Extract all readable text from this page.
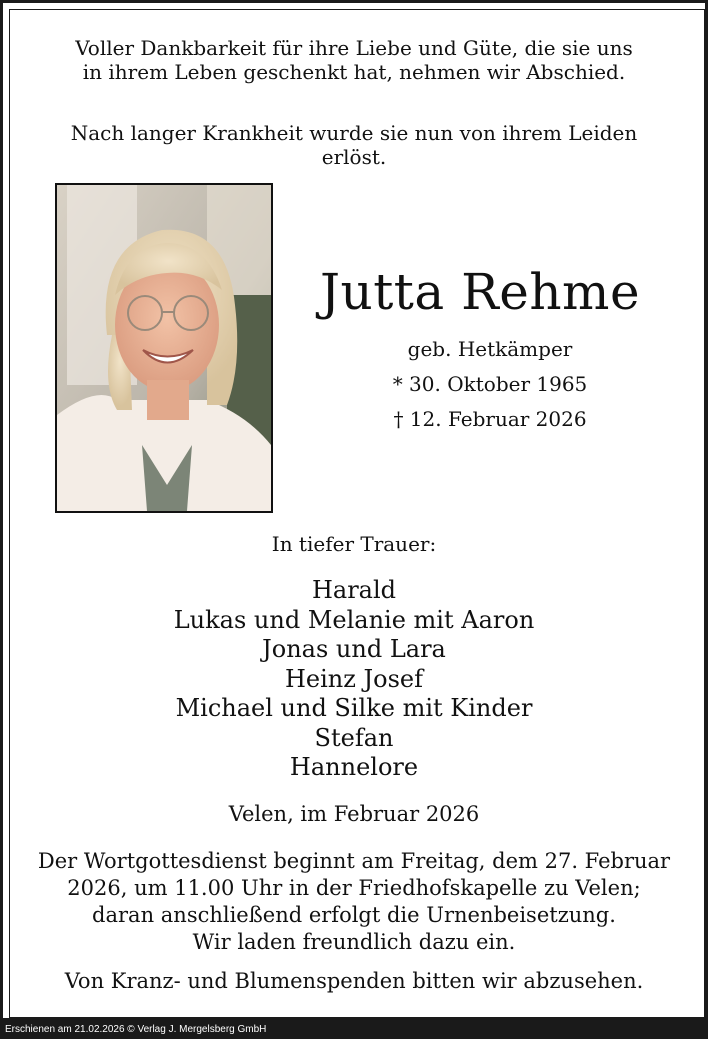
Voller Dankbarkeit für ihre Liebe und Güte, die sie uns
in ihrem Leben geschenkt hat, nehmen wir Abschied.
Nach langer Krankheit wurde sie nun von ihrem Leiden
erlöst.
Jutta Rehme
geb. Hetkämper
* 30. Oktober 1965
† 12. Februar 2026
In tiefer Trauer:
Harald
Lukas und Melanie mit Aaron
Jonas und Lara
Heinz Josef
Michael und Silke mit Kinder
Stefan
Hannelore
Velen, im Februar 2026
Der Wortgottesdienst beginnt am Freitag, dem 27. Februar
2026, um 11.00 Uhr in der Friedhofskapelle zu Velen;
daran anschließend erfolgt die Urnenbeisetzung.
Wir laden freundlich dazu ein.
Von Kranz- und Blumenspenden bitten wir abzusehen.
Erschienen am 21.02.2026 © Verlag J. Mergelsberg GmbH
